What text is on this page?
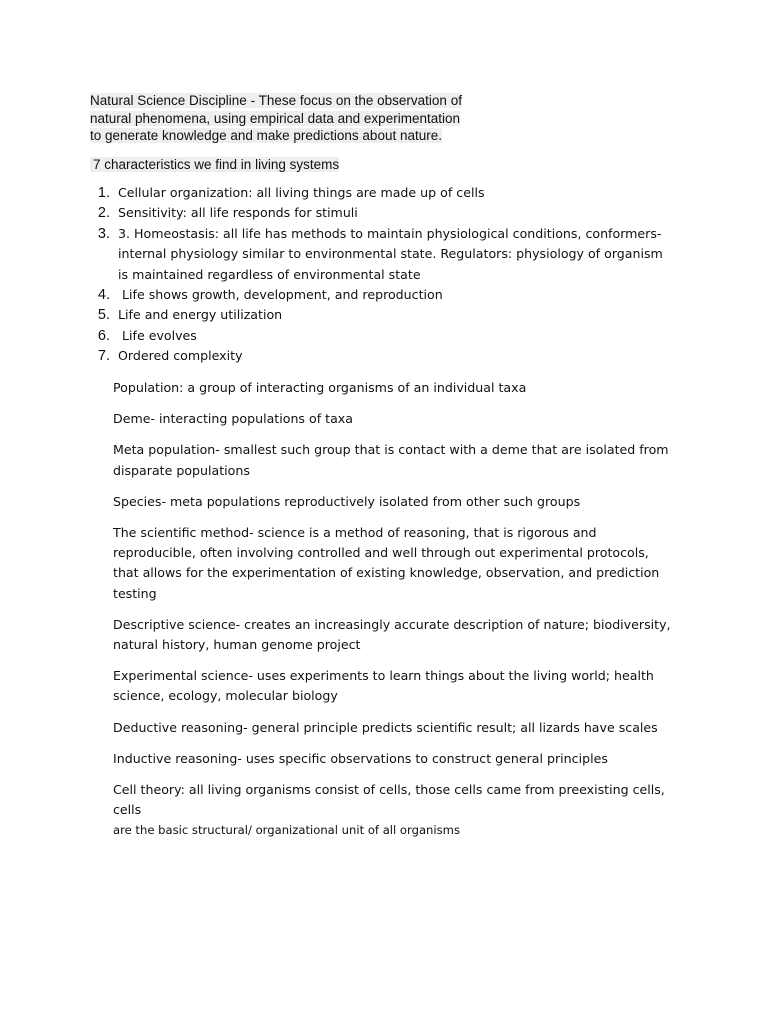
Natural Science Discipline - These focus on the observation of
natural phenomena, using empirical data and experimentation
to generate knowledge and make predictions about nature.
7 characteristics we find in living systems
1. Cellular organization: all living things are made up of cells
2. Sensitivity: all life responds for stimuli
3. 3. Homeostasis: all life has methods to maintain physiological conditions, conformers- internal physiology similar to environmental state. Regulators: physiology of organism is maintained regardless of environmental state
4. Life shows growth, development, and reproduction
5. Life and energy utilization
6. Life evolves
7. Ordered complexity

Population: a group of interacting organisms of an individual taxa

Deme- interacting populations of taxa

Meta population- smallest such group that is contact with a deme that are isolated from disparate populations

Species- meta populations reproductively isolated from other such groups

The scientific method- science is a method of reasoning, that is rigorous and reproducible, often involving controlled and well through out experimental protocols, that allows for the experimentation of existing knowledge, observation, and prediction testing

Descriptive science- creates an increasingly accurate description of nature; biodiversity, natural history, human genome project

Experimental science- uses experiments to learn things about the living world; health science, ecology, molecular biology

Deductive reasoning- general principle predicts scientific result; all lizards have scales

Inductive reasoning- uses specific observations to construct general principles

Cell theory: all living organisms consist of cells, those cells came from preexisting cells, cells
are the basic structural/ organizational unit of all organisms
